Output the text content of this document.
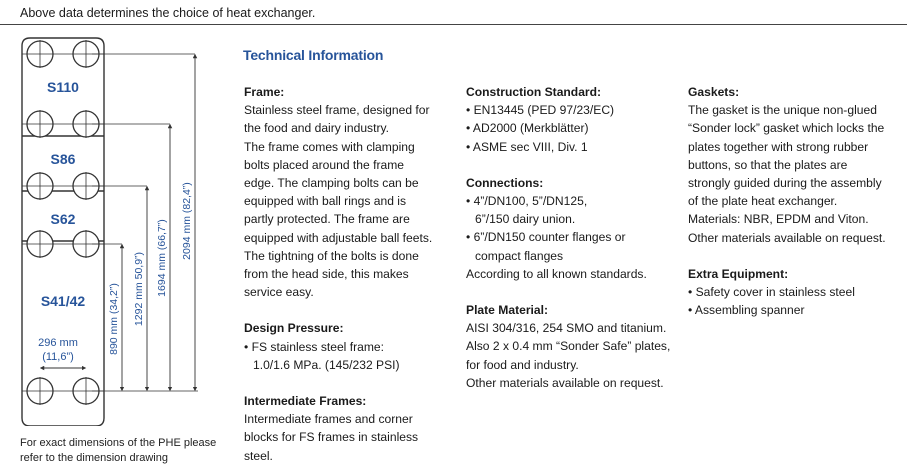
Above data determines the choice of heat exchanger.
S110
S86
S62
S41/42
296 mm
(11,6”)
890 mm (34,2”) 1292 mm 50,9”) 1694 mm (66,7”) 2094 mm (82,4”)
For exact dimensions of the PHE please
refer to the dimension drawing
Technical Information
Frame:
Stainless steel frame, designed for
the food and dairy industry.
The frame comes with clamping
bolts placed around the frame
edge. The clamping bolts can be
equipped with ball rings and is
partly protected. The frame are
equipped with adjustable ball feets.
The tightning of the bolts is done
from the head side, this makes
service easy.
Design Pressure:
• FS stainless steel frame:
1.0/1.6 MPa. (145/232 PSI)
Intermediate Frames:
Intermediate frames and corner
blocks for FS frames in stainless
steel.
Construction Standard:
• EN13445 (PED 97/23/EC)
• AD2000 (Merkblätter)
• ASME sec VIII, Div. 1
Connections:
• 4”/DN100, 5”/DN125,
6”/150 dairy union.
• 6”/DN150 counter flanges or
compact flanges
According to all known standards.
Plate Material:
AISI 304/316, 254 SMO and titanium.
Also 2 x 0.4 mm “Sonder Safe” plates,
for food and industry.
Other materials available on request.
Gaskets:
The gasket is the unique non-glued
“Sonder lock” gasket which locks the
plates together with strong rubber
buttons, so that the plates are
strongly guided during the assembly
of the plate heat exchanger.
Materials: NBR, EPDM and Viton.
Other materials available on request.
Extra Equipment:
• Safety cover in stainless steel
• Assembling spanner
